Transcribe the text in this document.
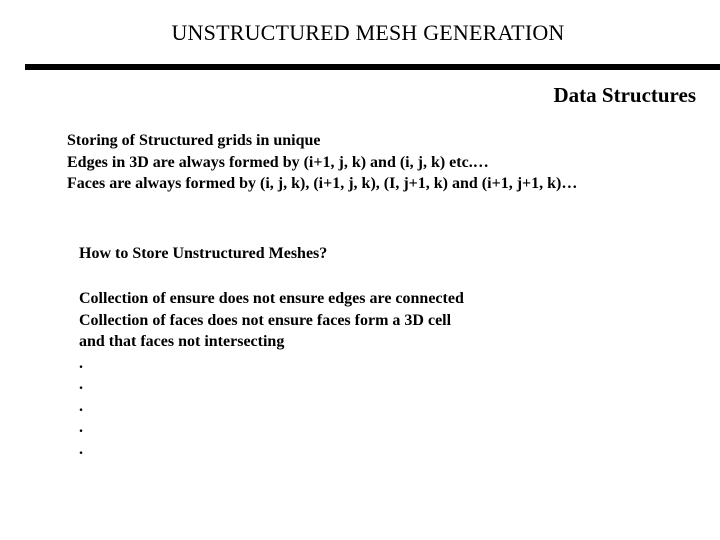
UNSTRUCTURED MESH GENERATION
Data Structures
Storing of Structured grids in unique
Edges in 3D are always formed by (i+1, j, k) and (i, j, k) etc.…
Faces are always formed by (i, j, k), (i+1, j, k), (I, j+1, k) and (i+1, j+1, k)…
How to Store Unstructured Meshes?
Collection of ensure does not ensure edges are connected
Collection of faces does not ensure faces form a 3D cell
and that faces not intersecting
.
.
.
.
.
